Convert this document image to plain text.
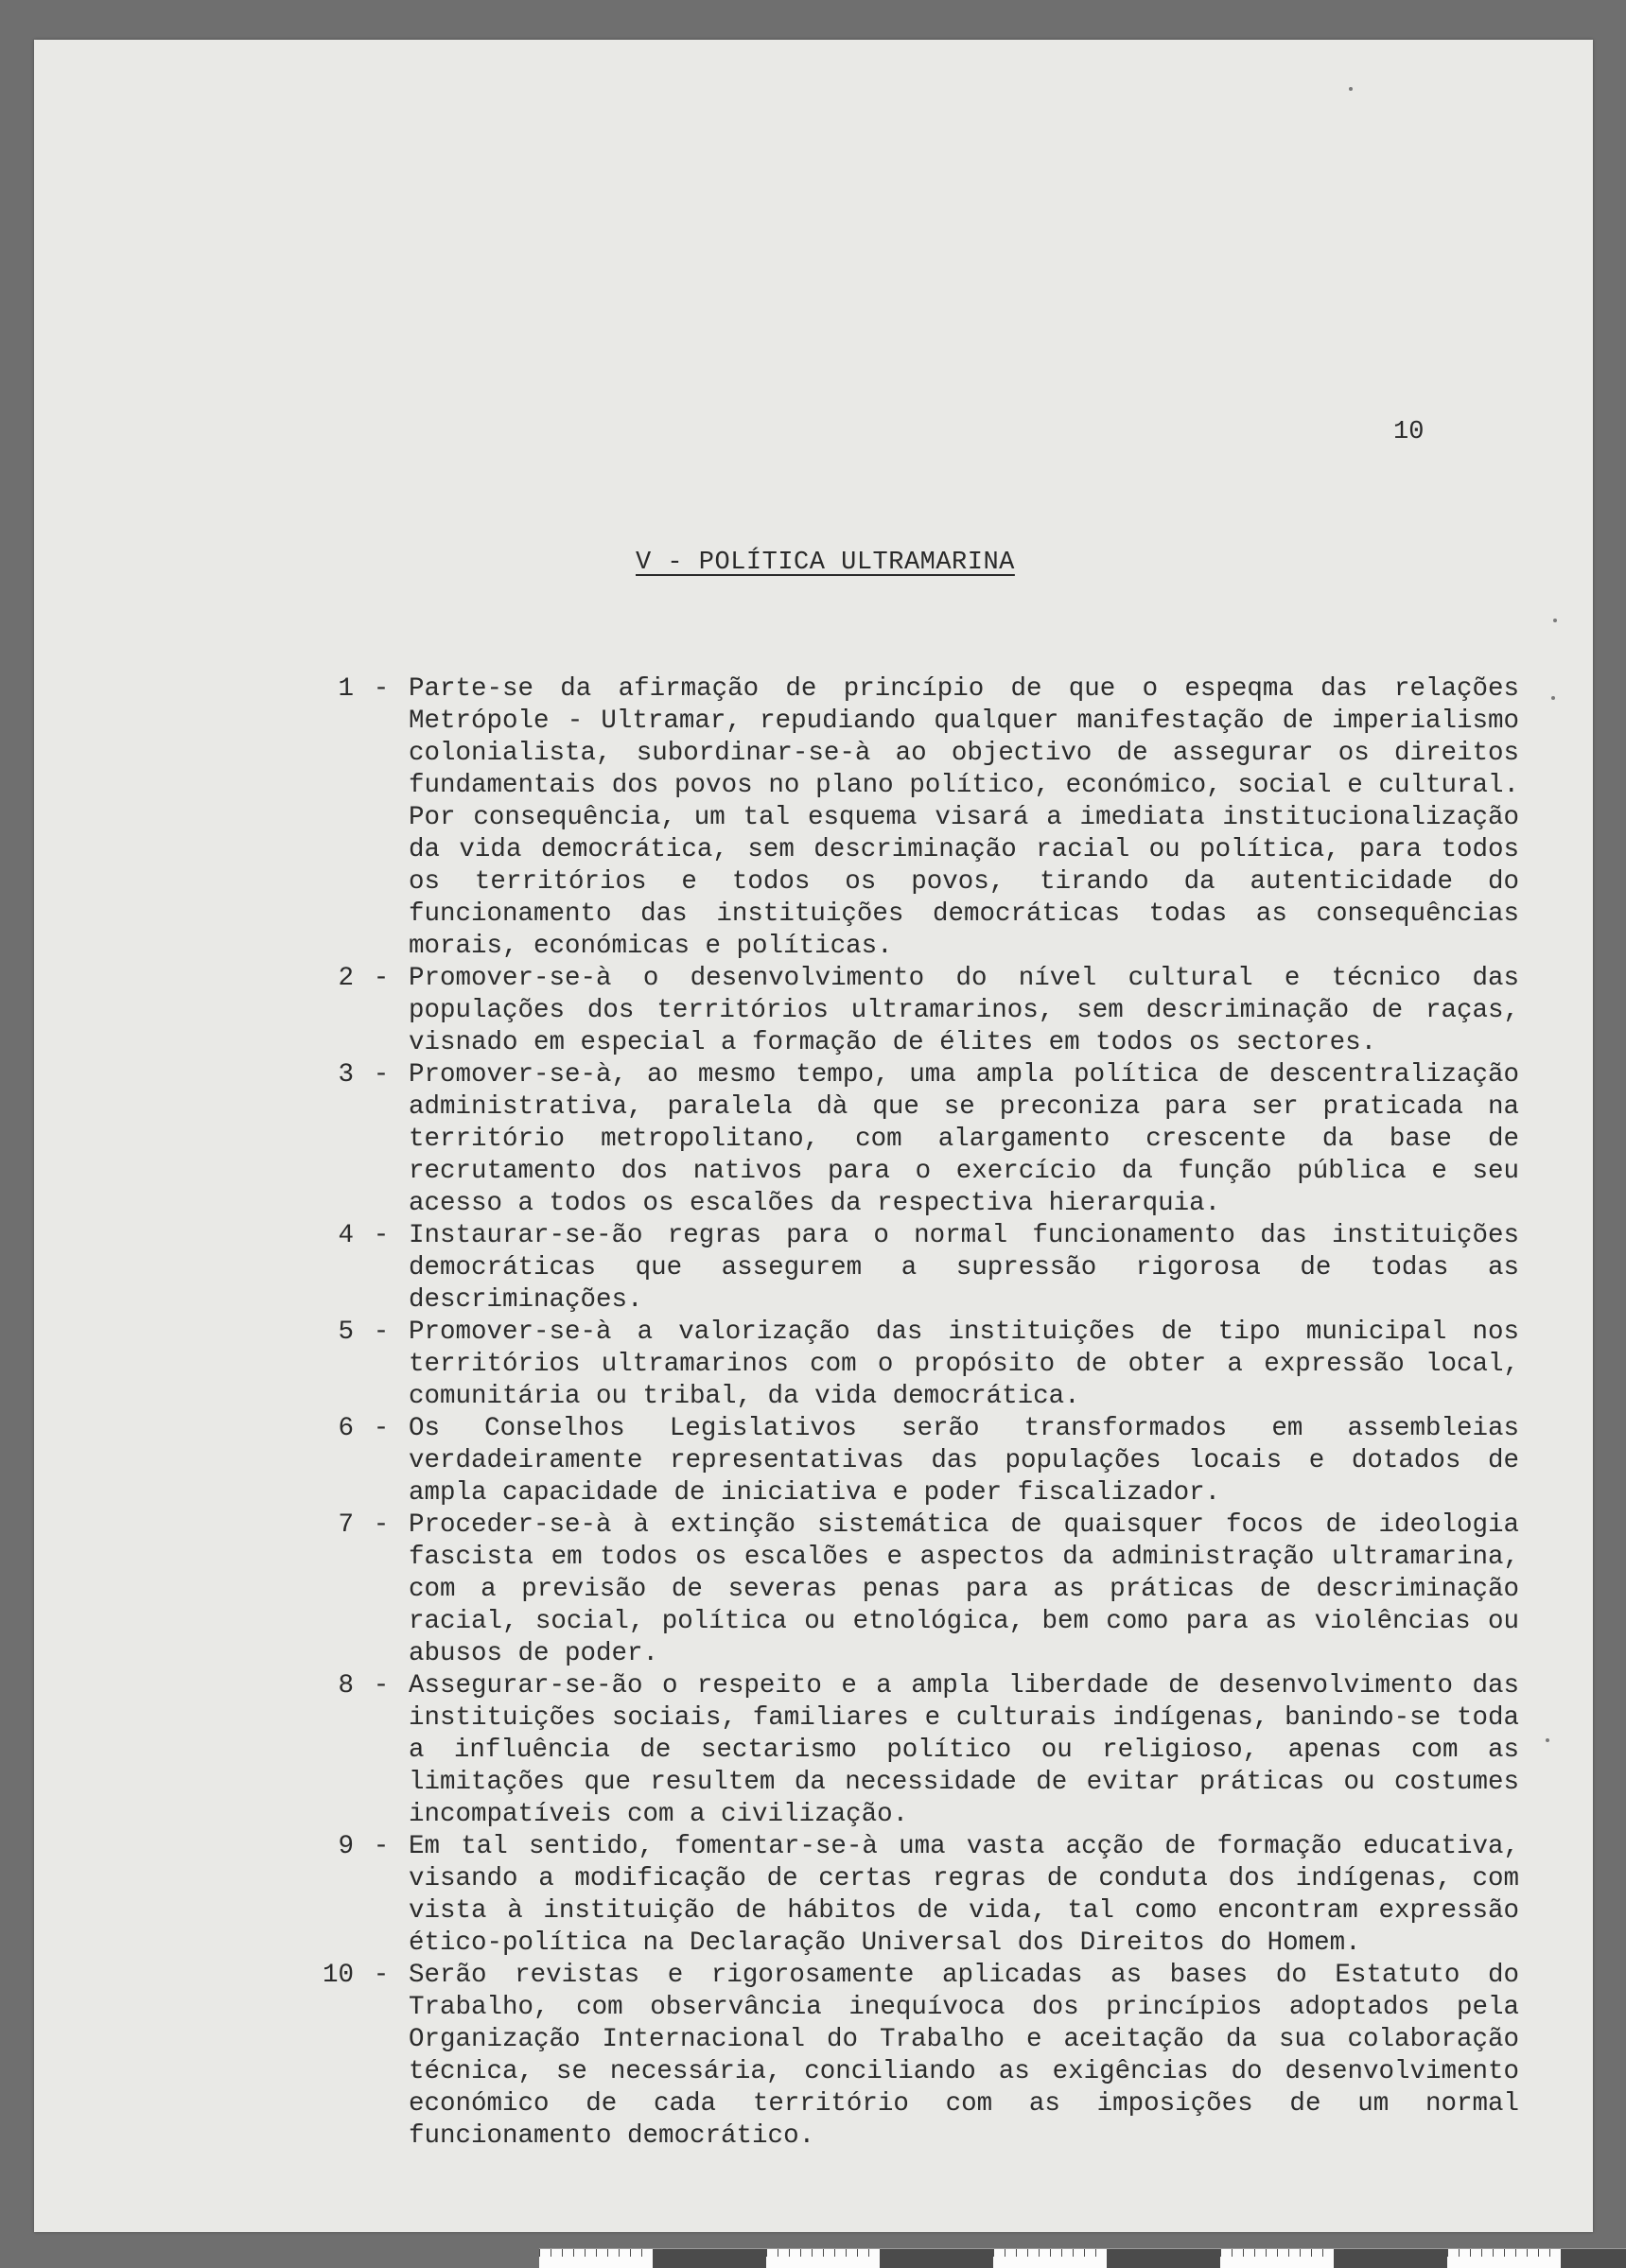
10
V - POLÍTICA ULTRAMARINA
1 - Parte-se da afirmação de princípio de que o espeqma das relações Metrópole - Ultramar, repudiando qualquer manifestação de imperialismo colonialista, subordinar-se-à ao objectivo de assegurar os direitos fundamentais dos povos no plano político, económico, social e cultural. Por consequência, um tal esquema visará a imediata institucionalização da vida democrática, sem descriminação racial ou política, para todos os territórios e todos os povos, tirando da autenticidade do funcionamento das instituições democráticas todas as consequências morais, económicas e políticas.
2 - Promover-se-à o desenvolvimento do nível cultural e técnico das populações dos territórios ultramarinos, sem descriminação de raças, visnado em especial a formação de élites em todos os sectores.
3 - Promover-se-à, ao mesmo tempo, uma ampla política de descentralização administrativa, paralela dà que se preconiza para ser praticada na território metropolitano, com alargamento crescente da base de recrutamento dos nativos para o exercício da função pública e seu acesso a todos os escalões da respectiva hierarquia.
4 - Instaurar-se-ão regras para o normal funcionamento das instituições democráticas que assegurem a supressão rigorosa de todas as descriminações.
5 - Promover-se-à a valorização das instituições de tipo municipal nos territórios ultramarinos com o propósito de obter a expressão local, comunitária ou tribal, da vida democrática.
6 - Os Conselhos Legislativos serão transformados em assembleias verdadeiramente representativas das populações locais e dotados de ampla capacidade de iniciativa e poder fiscalizador.
7 - Proceder-se-à à extinção sistemática de quaisquer focos de ideologia fascista em todos os escalões e aspectos da administração ultramarina, com a previsão de severas penas para as práticas de descriminação racial, social, política ou etnológica, bem como para as violências ou abusos de poder.
8 - Assegurar-se-ão o respeito e a ampla liberdade de desenvolvimento das instituições sociais, familiares e culturais indígenas, banindo-se toda a influência de sectarismo político ou religioso, apenas com as limitações que resultem da necessidade de evitar práticas ou costumes incompatíveis com a civilização.
9 - Em tal sentido, fomentar-se-à uma vasta acção de formação educativa, visando a modificação de certas regras de conduta dos indígenas, com vista à instituição de hábitos de vida, tal como encontram expressão ético-política na Declaração Universal dos Direitos do Homem.
10 - Serão revistas e rigorosamente aplicadas as bases do Estatuto do Trabalho, com observância inequívoca dos princípios adoptados pela Organização Internacional do Trabalho e aceitação da sua colaboração técnica, se necessária, conciliando as exigências do desenvolvimento económico de cada território com as imposições de um normal funcionamento democrático.
